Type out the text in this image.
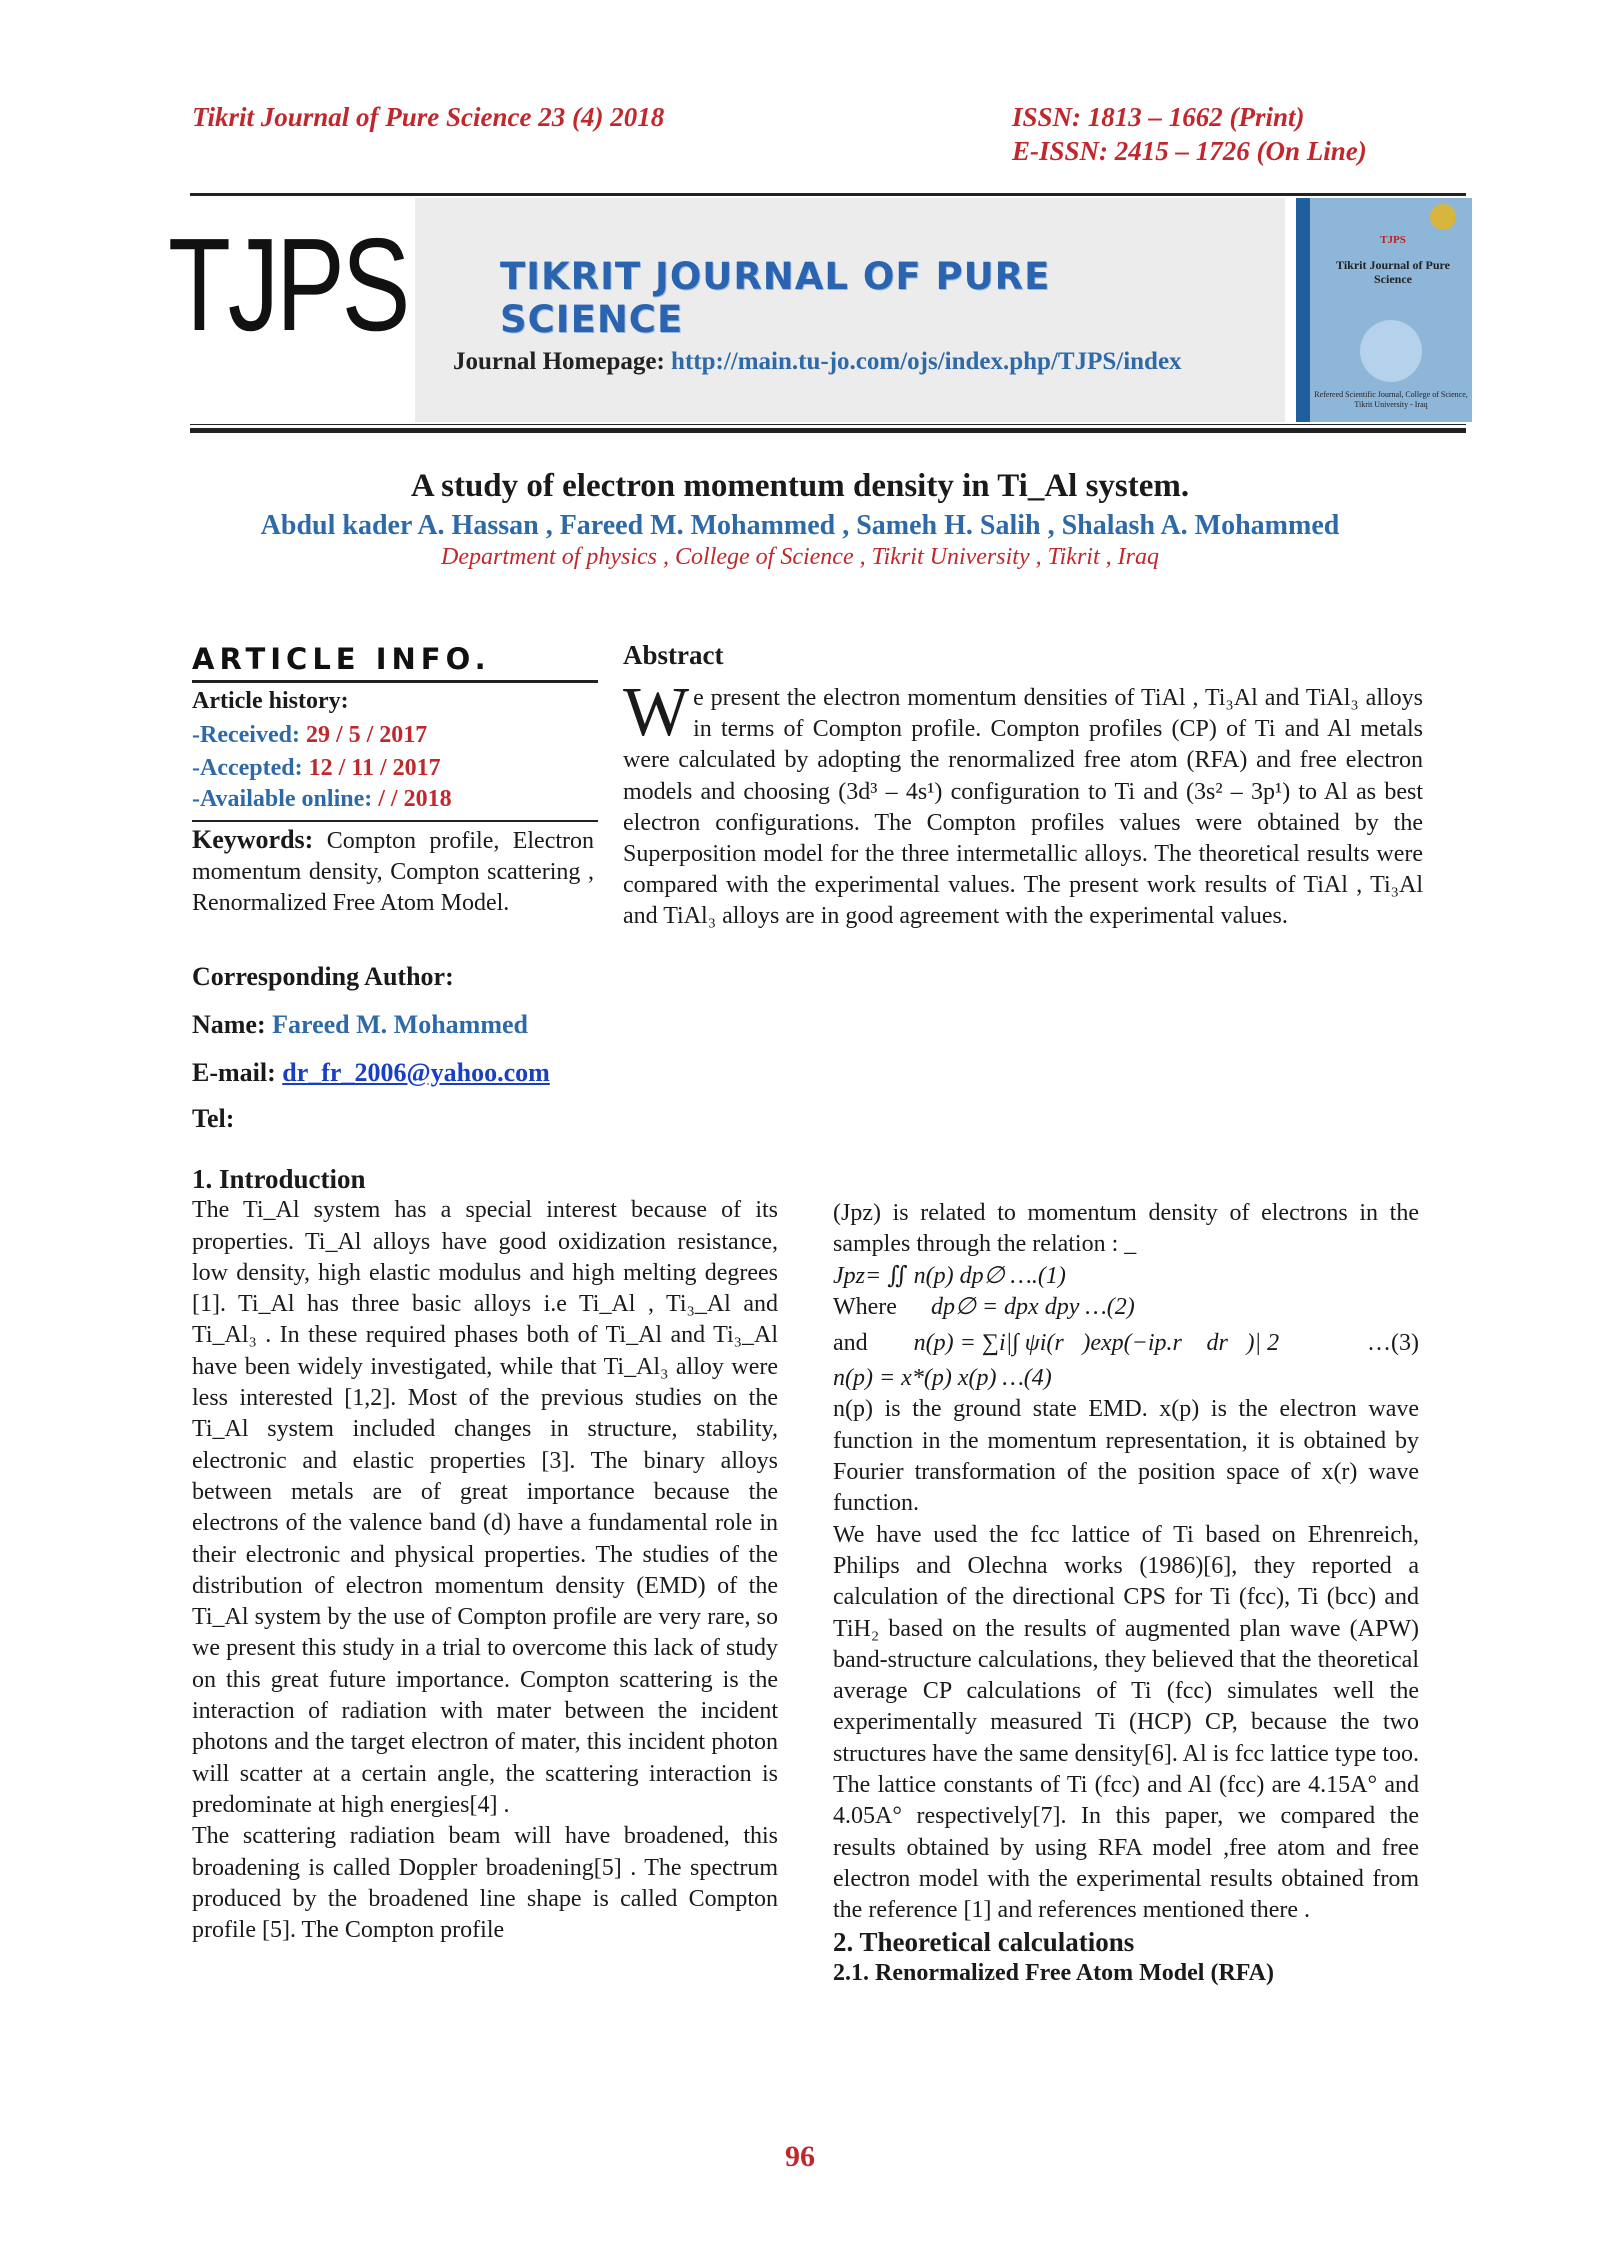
Tikrit Journal of Pure Science 23 (4) 2018	ISSN: 1813 – 1662 (Print)
E-ISSN: 2415 – 1726 (On Line)
TJPS	TIKRIT JOURNAL OF PURE SCIENCE
Journal Homepage: http://main.tu-jo.com/ojs/index.php/TJPS/index
TJPS
Tikrit Journal of Pure Science
Refereed Scientific Journal, College of Science, Tikrit University - Iraq
A study of electron momentum density in Ti_Al system.
Abdul kader A. Hassan , Fareed M. Mohammed , Sameh H. Salih , Shalash A. Mohammed
Department of physics , College of Science , Tikrit University , Tikrit , Iraq
ARTICLE INFO.
Article history:
-Received: 29 / 5 / 2017
-Accepted: 12 / 11 / 2017
-Available online: / / 2018
Keywords: Compton profile, Electron momentum density, Compton scattering , Renormalized Free Atom Model.
Corresponding Author:
Name: Fareed M. Mohammed
E-mail: dr_fr_2006@yahoo.com
Tel:
Abstract
We present the electron momentum densities of TiAl , Ti₃Al and TiAl₃ alloys in terms of Compton profile. Compton profiles (CP) of Ti and Al metals were calculated by adopting the renormalized free atom (RFA) and free electron models and choosing (3d³ – 4s¹) configuration to Ti and (3s² – 3p¹) to Al as best electron configurations. The Compton profiles values were obtained by the Superposition model for the three intermetallic alloys. The theoretical results were compared with the experimental values. The present work results of TiAl , Ti₃Al and TiAl₃ alloys are in good agreement with the experimental values.
1. Introduction

The Ti_Al system has a special interest because of its properties. Ti_Al alloys have good oxidization resistance, low density, high elastic modulus and high melting degrees [1]. Ti_Al has three basic alloys i.e Ti_Al , Ti₃_Al and Ti_Al₃ . In these required phases both of Ti_Al and Ti₃_Al have been widely investigated, while that Ti_Al₃ alloy were less interested [1,2]. Most of the previous studies on the Ti_Al system included changes in structure, stability, electronic and elastic properties [3]. The binary alloys between metals are of great importance because the electrons of the valence band (d) have a fundamental role in their electronic and physical properties. The studies of the distribution of electron momentum density (EMD) of the Ti_Al system by the use of Compton profile are very rare, so we present this study in a trial to overcome this lack of study on this great future importance. Compton scattering is the interaction of radiation with mater between the incident photons and the target electron of mater, this incident photon will scatter at a certain angle, the scattering interaction is predominate at high energies[4] .

The scattering radiation beam will have broadened, this broadening is called Doppler broadening[5] . The spectrum produced by the broadened line shape is called Compton profile [5]. The Compton profile

(Jpz) is related to momentum density of electrons in the samples through the relation : _

Jpz= ∬ n(p) dp∅ ….(1)

Where dp∅ = dpx dpy …(2)

and n(p) = ∑i|∫ ψi(r⃗)exp(−ip.r⃗ dr⃗)| 2	…(3)

n(p) = x*(p) x(p) …(4)

n(p) is the ground state EMD. x(p) is the electron wave function in the momentum representation, it is obtained by Fourier transformation of the position space of x(r) wave function.

We have used the fcc lattice of Ti based on Ehrenreich, Philips and Olechna works (1986)[6], they reported a calculation of the directional CPS for Ti (fcc), Ti (bcc) and TiH₂ based on the results of augmented plan wave (APW) band-structure calculations, they believed that the theoretical average CP calculations of Ti (fcc) simulates well the experimentally measured Ti (HCP) CP, because the two structures have the same density[6]. Al is fcc lattice type too. The lattice constants of Ti (fcc) and Al (fcc) are 4.15A° and 4.05A° respectively[7]. In this paper, we compared the results obtained by using RFA model ,free atom and free electron model with the experimental results obtained from the reference [1] and references mentioned there .

2. Theoretical calculations
2.1. Renormalized Free Atom Model (RFA)
96
